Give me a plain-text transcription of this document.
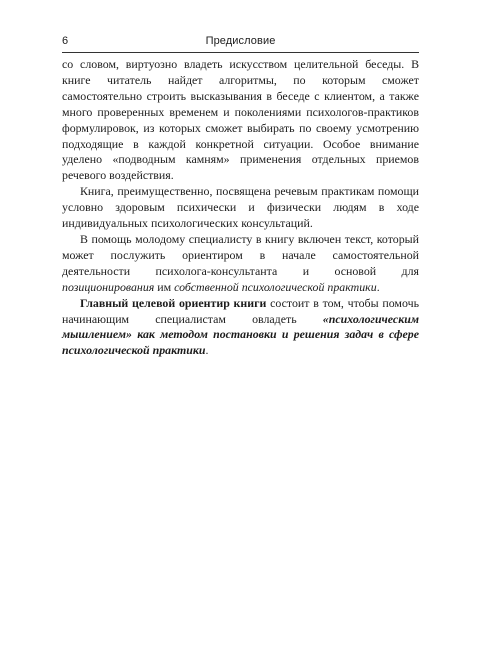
6	Предисловие

со словом, виртуозно владеть искусством целительной беседы. В книге читатель найдет алгоритмы, по которым сможет самостоятельно строить высказывания в беседе с клиентом, а также много проверенных временем и поколениями психологов-практиков формулировок, из которых сможет выбирать по своему усмотрению подходящие в каждой конкретной ситуации. Особое внимание уделено «подводным камням» применения отдельных приемов речевого воздействия.

Книга, преимущественно, посвящена речевым практикам помощи условно здоровым психически и физически людям в ходе индивидуальных психологических консультаций.

В помощь молодому специалисту в книгу включен текст, который может послужить ориентиром в начале самостоятельной деятельности психолога-консультанта и основой для позиционирования им собственной психологической практики.

Главный целевой ориентир книги состоит в том, чтобы помочь начинающим специалистам овладеть «психологическим мышлением» как методом постановки и решения задач в сфере психологической практики.
